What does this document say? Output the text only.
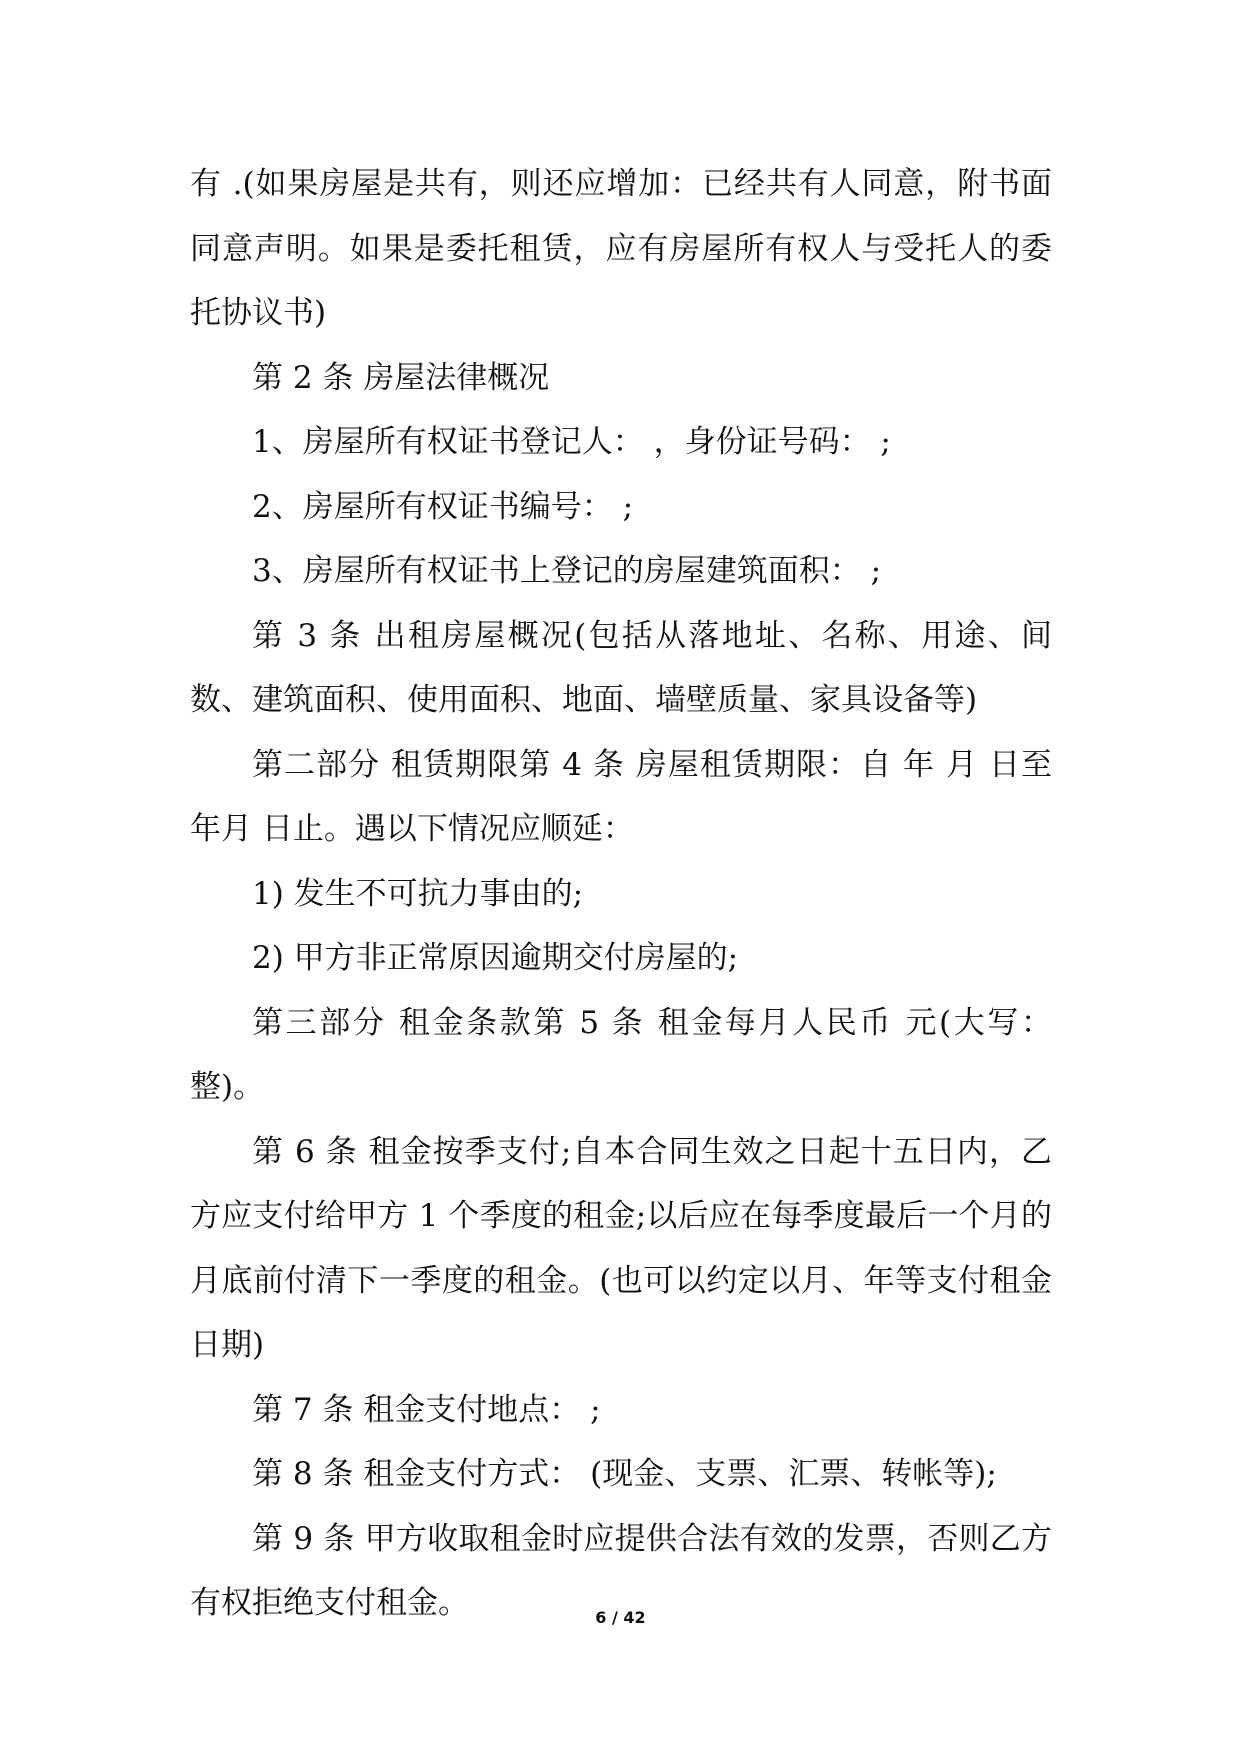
有 .(如果房屋是共有，则还应增加：已经共有人同意，附书面同意声明。如果是委托租赁，应有房屋所有权人与受托人的委托协议书)

第 2 条 房屋法律概况

1、房屋所有权证书登记人： ，身份证号码： ;

2、房屋所有权证书编号： ;

3、房屋所有权证书上登记的房屋建筑面积： ;

第 3 条 出租房屋概况(包括从落地址、名称、用途、间数、建筑面积、使用面积、地面、墙壁质量、家具设备等)

第二部分 租赁期限第 4 条 房屋租赁期限：自 年 月 日至 年月 日止。遇以下情况应顺延：

1) 发生不可抗力事由的;

2) 甲方非正常原因逾期交付房屋的;

第三部分 租金条款第 5 条 租金每月人民币 元(大写： 整)。

第 6 条 租金按季支付;自本合同生效之日起十五日内，乙方应支付给甲方 1 个季度的租金;以后应在每季度最后一个月的月底前付清下一季度的租金。(也可以约定以月、年等支付租金日期)

第 7 条 租金支付地点： ;

第 8 条 租金支付方式： (现金、支票、汇票、转帐等);

第 9 条 甲方收取租金时应提供合法有效的发票，否则乙方有权拒绝支付租金。	6 / 42
